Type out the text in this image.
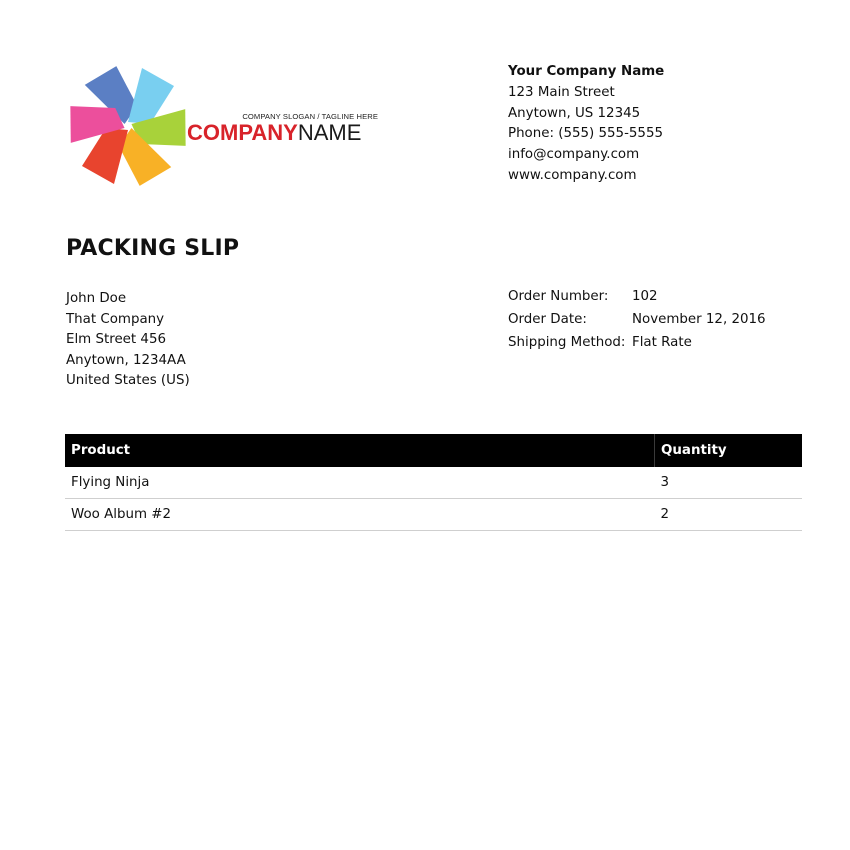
COMPANY SLOGAN / TAGLINE HERE
COMPANYNAME
Your Company Name
123 Main Street
Anytown, US 12345
Phone: (555) 555-5555
info@company.com
www.company.com
PACKING SLIP
John Doe
That Company
Elm Street 456
Anytown, 1234AA
United States (US)
Order Number:	102
Order Date:	November 12, 2016
Shipping Method:	Flat Rate
Product	Quantity
Flying Ninja	3
Woo Album #2	2
